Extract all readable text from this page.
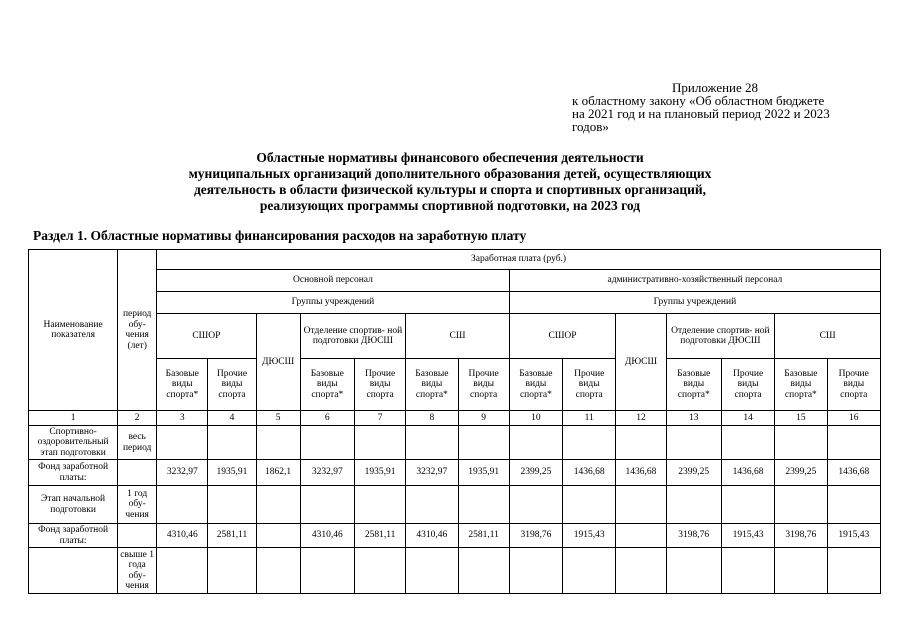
Приложение 28
к областному закону «Об областном бюджете
на 2021 год и на плановый период 2022 и 2023
годов»
Областные нормативы финансового обеспечения деятельности
муниципальных организаций дополнительного образования детей, осуществляющих
деятельность в области физической культуры и спорта и спортивных организаций,
реализующих программы спортивной подготовки, на 2023 год
Раздел 1. Областные нормативы финансирования расходов на заработную плату
Наименование показателя	период обу- чения (лет)	Заработная плата (руб.)													
		Основной персонал							административно-хозяйственный персонал						
		Группы учреждений							Группы учреждений						
		СШОР		ДЮСШ	Отделение спортив- ной подготовки ДЮСШ		СШ		СШОР		ДЮСШ	Отделение спортив- ной подготовки ДЮСШ		СШ	
		Базовые виды спорта*	Прочие виды спорта		Базовые виды спорта*	Прочие виды спорта	Базовые виды спорта*	Прочие виды спорта	Базовые виды спорта*	Прочие виды спорта		Базовые виды спорта*	Прочие виды спорта	Базовые виды спорта*	Прочие виды спорта
1	2	3	4	5	6	7	8	9	10	11	12	13	14	15	16
Спортивно- оздоровительный этап подготовки	весь период														
Фонд заработной платы:		3232,97	1935,91	1862,1	3232,97	1935,91	3232,97	1935,91	2399,25	1436,68	1436,68	2399,25	1436,68	2399,25	1436,68
Этап начальной подготовки	1 год обу- чения														
Фонд заработной платы:		4310,46	2581,11		4310,46	2581,11	4310,46	2581,11	3198,76	1915,43		3198,76	1915,43	3198,76	1915,43
	свыше 1 года обу- чения														
